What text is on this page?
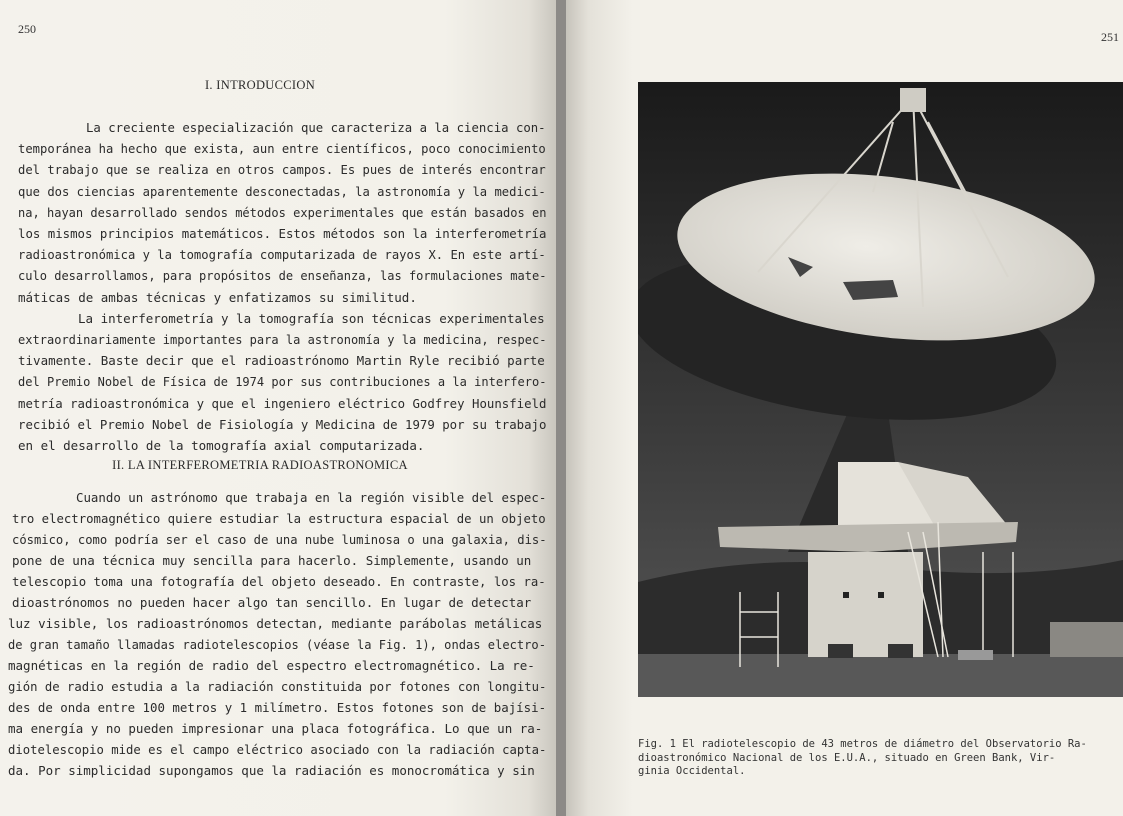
250
I. INTRODUCCION
La creciente especialización que caracteriza a la ciencia con-
temporánea ha hecho que exista, aun entre científicos, poco conocimiento
del trabajo que se realiza en otros campos. Es pues de interés encontrar
que dos ciencias aparentemente desconectadas, la astronomía y la medici-
na, hayan desarrollado sendos métodos experimentales que están basados en
los mismos principios matemáticos. Estos métodos son la interferometría
radioastronómica y la tomografía computarizada de rayos X. En este artí-
culo desarrollamos, para propósitos de enseñanza, las formulaciones mate-
máticas de ambas técnicas y enfatizamos su similitud.
La interferometría y la tomografía son técnicas experimentales
extraordinariamente importantes para la astronomía y la medicina, respec-
tivamente. Baste decir que el radioastrónomo Martin Ryle recibió parte
del Premio Nobel de Física de 1974 por sus contribuciones a la interfero-
metría radioastronómica y que el ingeniero eléctrico Godfrey Hounsfield
recibió el Premio Nobel de Fisiología y Medicina de 1979 por su trabajo
en el desarrollo de la tomografía axial computarizada.
II. LA INTERFEROMETRIA RADIOASTRONOMICA
Cuando un astrónomo que trabaja en la región visible del espec-
tro electromagnético quiere estudiar la estructura espacial de un objeto
cósmico, como podría ser el caso de una nube luminosa o una galaxia, dis-
pone de una técnica muy sencilla para hacerlo. Simplemente, usando un
telescopio toma una fotografía del objeto deseado. En contraste, los ra-
dioastrónomos no pueden hacer algo tan sencillo. En lugar de detectar
luz visible, los radioastrónomos detectan, mediante parábolas metálicas
de gran tamaño llamadas radiotelescopios (véase la Fig. 1), ondas electro-
magnéticas en la región de radio del espectro electromagnético. La re-
gión de radio estudia a la radiación constituida por fotones con longitu-
des de onda entre 100 metros y 1 milímetro. Estos fotones son de bajísi-
ma energía y no pueden impresionar una placa fotográfica. Lo que un ra-
diotelescopio mide es el campo eléctrico asociado con la radiación capta-
da. Por simplicidad supongamos que la radiación es monocromática y sin
251
Fig. 1 El radiotelescopio de 43 metros de diámetro del Observatorio Ra-
dioastronómico Nacional de los E.U.A., situado en Green Bank, Vir-
ginia Occidental.
